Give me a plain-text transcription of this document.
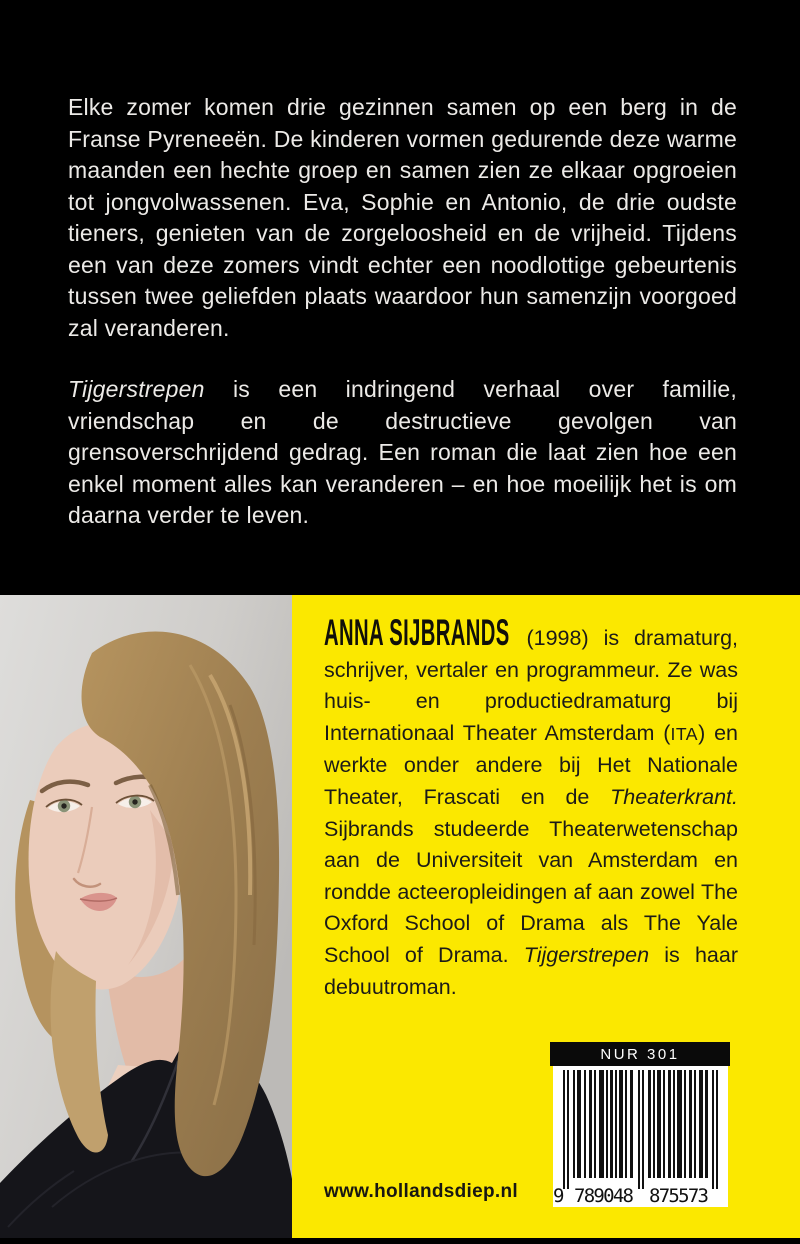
Elke zomer komen drie gezinnen samen op een berg in de Franse Pyreneeën. De kinderen vormen gedurende deze warme maanden een hechte groep en samen zien ze elkaar opgroeien tot jongvolwassenen. Eva, Sophie en Antonio, de drie oudste tieners, genieten van de zorgeloosheid en de vrijheid. Tijdens een van deze zomers vindt echter een noodlottige gebeurtenis tussen twee geliefden plaats waardoor hun samenzijn voorgoed zal veranderen.

Tijgerstrepen is een indringend verhaal over familie, vriendschap en de destructieve gevolgen van grensoverschrijdend gedrag. Een roman die laat zien hoe een enkel moment alles kan veranderen – en hoe moeilijk het is om daarna verder te leven.

ANNA SIJBRANDS (1998) is dramaturg, schrijver, vertaler en programmeur. Ze was huis- en productiedramaturg bij Internationaal Theater Amsterdam (ITA) en werkte onder andere bij Het Nationale Theater, Frascati en de Theaterkrant. Sijbrands studeerde Theaterwetenschap aan de Universiteit van Amsterdam en rondde acteeropleidingen af aan zowel The Oxford School of Drama als The Yale School of Drama. Tijgerstrepen is haar debuutroman.

NUR 301
9 789048 875573
www.hollandsdiep.nl
